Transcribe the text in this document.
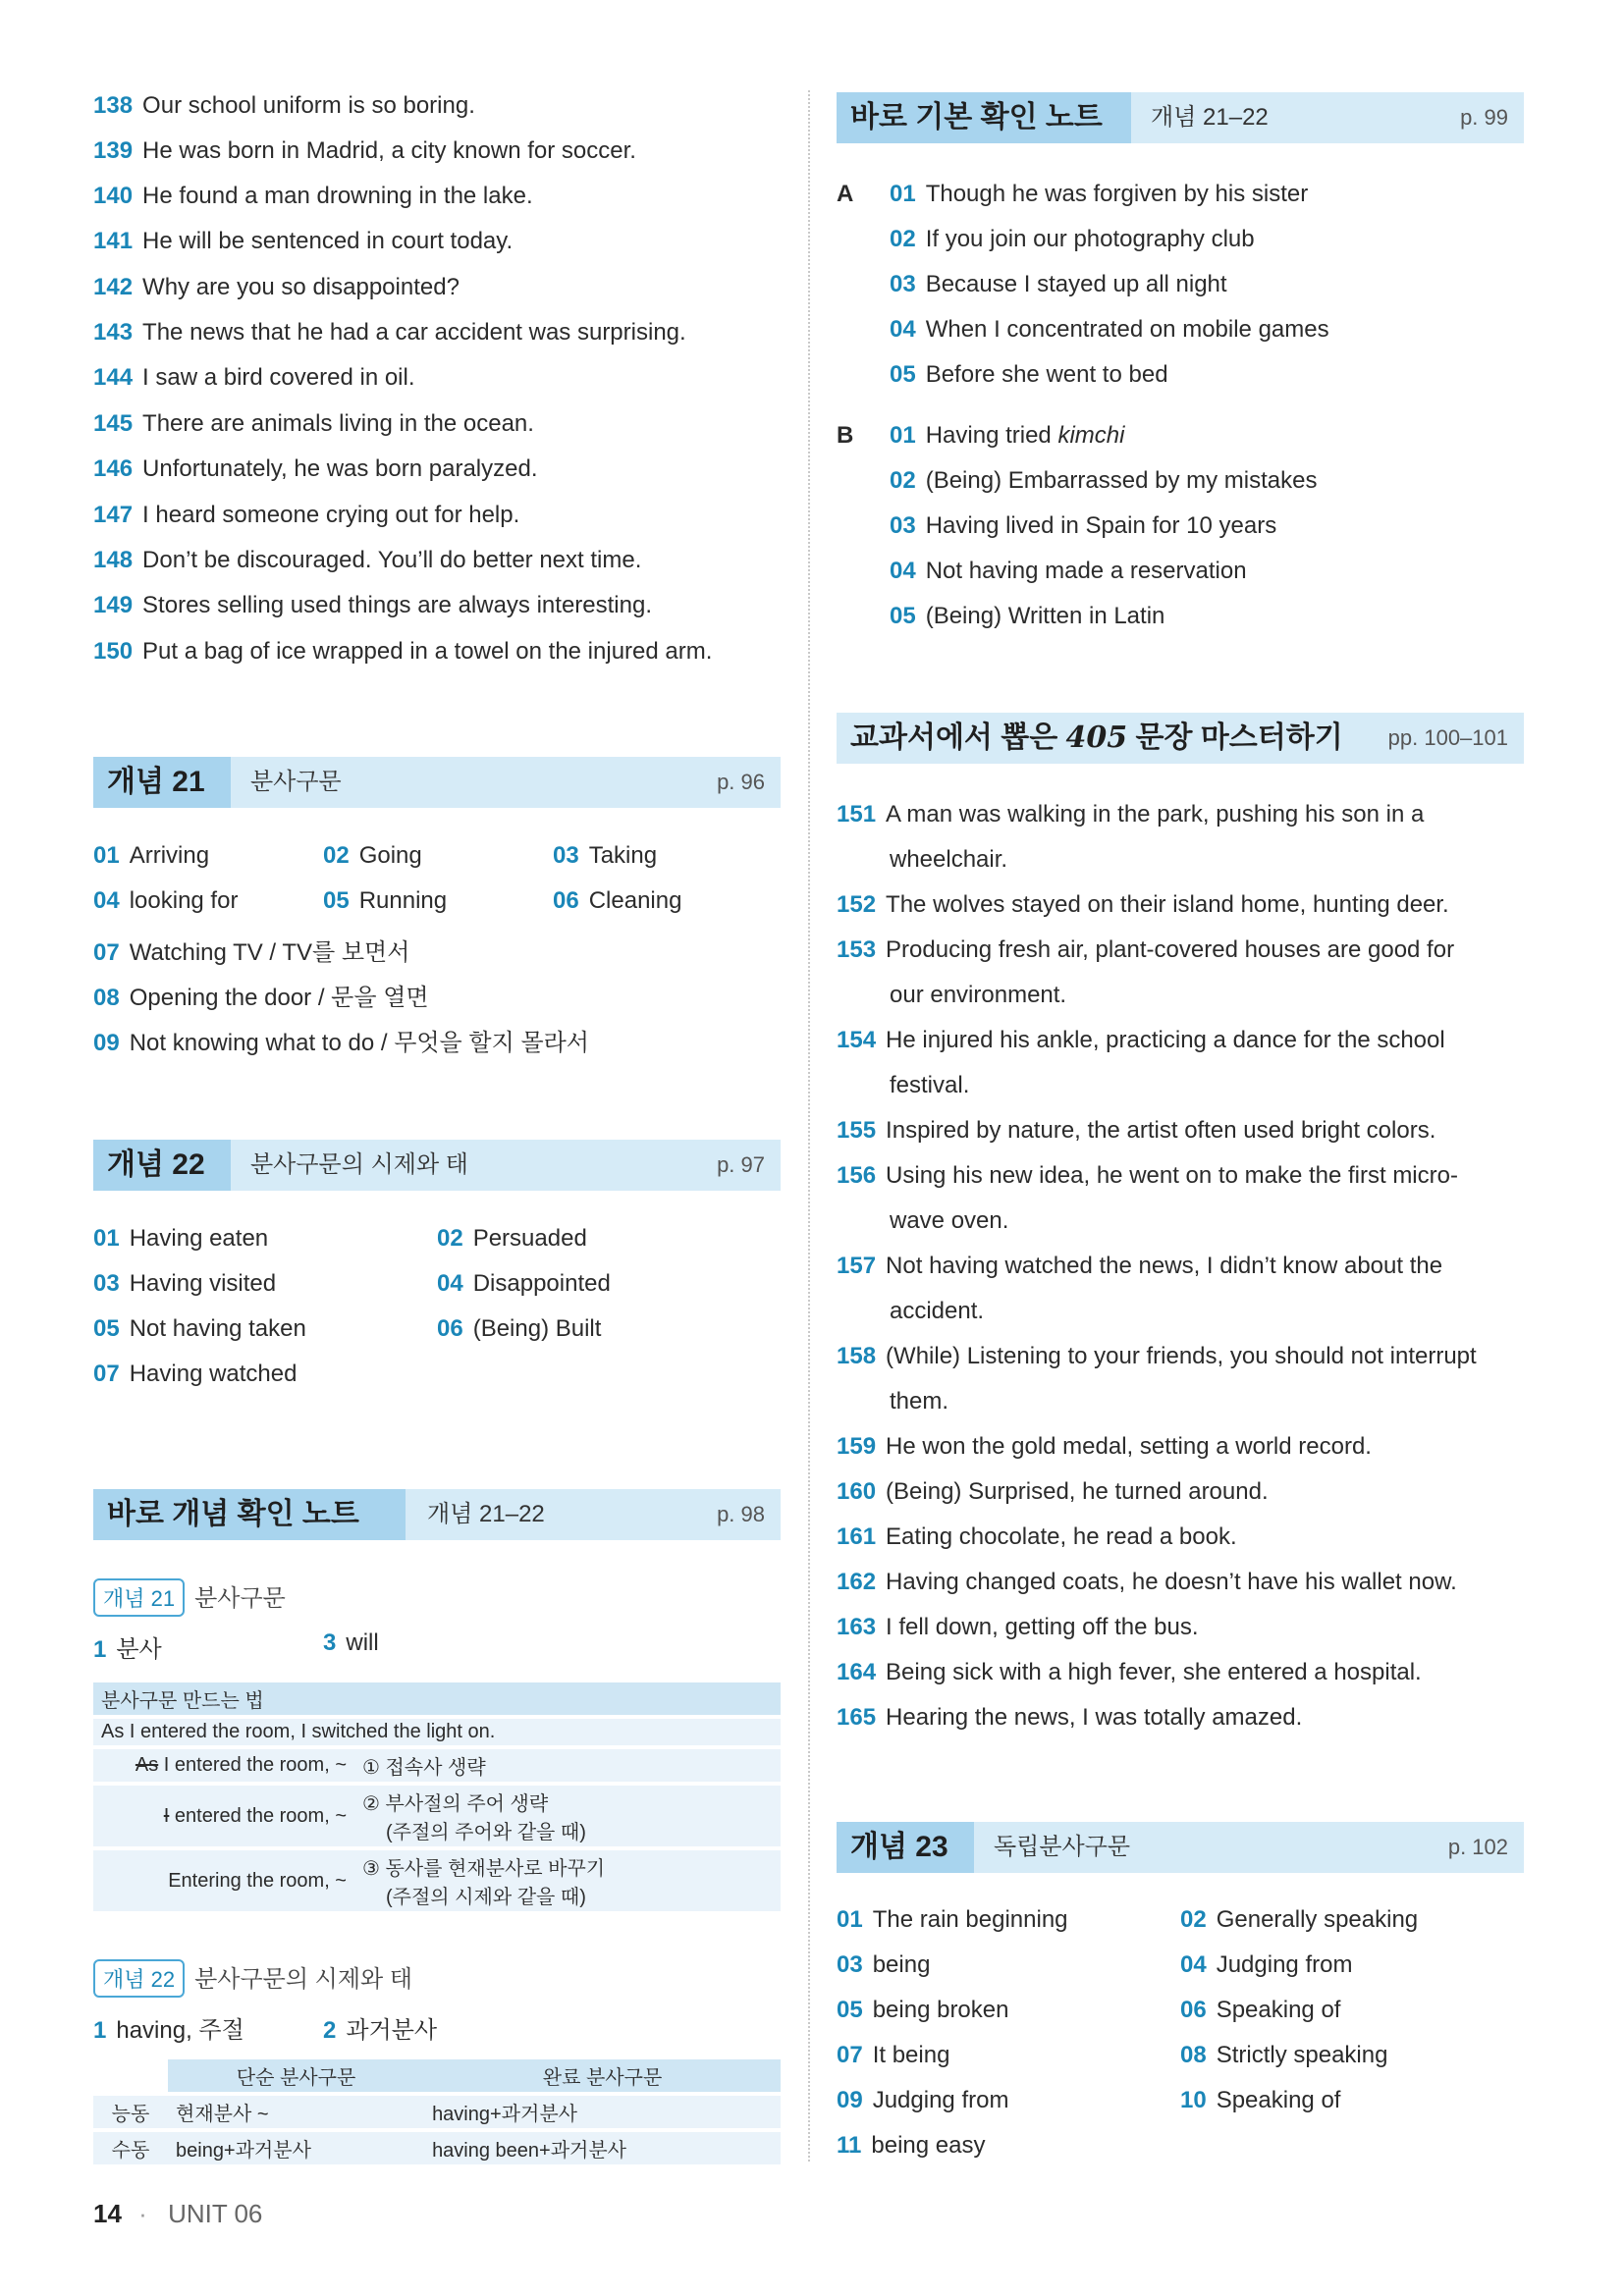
138 Our school uniform is so boring.
139 He was born in Madrid, a city known for soccer.
140 He found a man drowning in the lake.
141 He will be sentenced in court today.
142 Why are you so disappointed?
143 The news that he had a car accident was surprising.
144 I saw a bird covered in oil.
145 There are animals living in the ocean.
146 Unfortunately, he was born paralyzed.
147 I heard someone crying out for help.
148 Don’t be discouraged. You’ll do better next time.
149 Stores selling used things are always interesting.
150 Put a bag of ice wrapped in a towel on the injured arm.
개념 21	분사구문	p. 96
01 Arriving	02 Going	03 Taking
04 looking for	05 Running	06 Cleaning
07 Watching TV / TV를 보면서
08 Opening the door / 문을 열면
09 Not knowing what to do / 무엇을 할지 몰라서
개념 22	분사구문의 시제와 태	p. 97
01 Having eaten	02 Persuaded
03 Having visited	04 Disappointed
05 Not having taken	06 (Being) Built
07 Having watched
바로 개념 확인 노트	개념 21–22	p. 98
개념 21 분사구문
1 분사	3 will
분사구문 만드는 법	
As I entered the room, I switched the light on.	
As I entered the room, ~	① 접속사 생략
I entered the room, ~	② 부사절의 주어 생략
(주절의 주어와 같을 때)

Entering the room, ~	③ 동사를 현재분사로 바꾸기
(주절의 시제와 같을 때)
개념 22 분사구문의 시제와 태
1 having, 주절	2 과거분사
	단순 분사구문	완료 분사구문
능동	현재분사 ~	having+과거분사
수동	being+과거분사	having been+과거분사
바로 기본 확인 노트	개념 21–22	p. 99
A 01 Though he was forgiven by his sister
02 If you join our photography club
03 Because I stayed up all night
04 When I concentrated on mobile games
05 Before she went to bed
B 01 Having tried kimchi
02 (Being) Embarrassed by my mistakes
03 Having lived in Spain for 10 years
04 Not having made a reservation
05 (Being) Written in Latin
교과서에서 뽑은 405 문장 마스터하기 pp. 100–101
151 A man was walking in the park, pushing his son in a
wheelchair.
152 The wolves stayed on their island home, hunting deer.
153 Producing fresh air, plant-covered houses are good for
our environment.
154 He injured his ankle, practicing a dance for the school
festival.
155 Inspired by nature, the artist often used bright colors.
156 Using his new idea, he went on to make the first micro-
wave oven.
157 Not having watched the news, I didn’t know about the
accident.
158 (While) Listening to your friends, you should not interrupt
them.
159 He won the gold medal, setting a world record.
160 (Being) Surprised, he turned around.
161 Eating chocolate, he read a book.
162 Having changed coats, he doesn’t have his wallet now.
163 I fell down, getting off the bus.
164 Being sick with a high fever, she entered a hospital.
165 Hearing the news, I was totally amazed.
개념 23	독립분사구문	p. 102
01 The rain beginning	02 Generally speaking
03 being	04 Judging from
05 being broken	06 Speaking of
07 It being	08 Strictly speaking
09 Judging from	10 Speaking of
11 being easy
14 · UNIT 06
